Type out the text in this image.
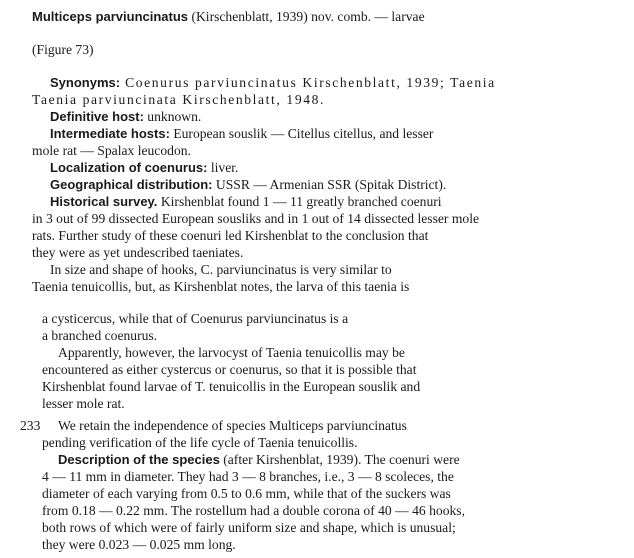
Multiceps parviuncinatus (Kirschenblatt, 1939) nov. comb. — larvae
(Figure 73)
Synonyms: Coenurus parviuncinatus Kirschenblatt, 1939; Taenia
Taenia parviuncinata Kirschenblatt, 1948.
Definitive host: unknown.
Intermediate hosts: European souslik — Citellus citellus, and lesser
mole rat — Spalax leucodon.
Localization of coenurus: liver.
Geographical distribution: USSR — Armenian SSR (Spitak District).
Historical survey. Kirshenblat found 1 — 11 greatly branched coenuri
in 3 out of 99 dissected European sousliks and in 1 out of 14 dissected lesser mole
rats. Further study of these coenuri led Kirshenblat to the conclusion that
they were as yet undescribed taeniates.
In size and shape of hooks, C. parviuncinatus is very similar to
Taenia tenuicollis, but, as Kirshenblat notes, the larva of this taenia is
a cysticercus, while that of Coenurus parviuncinatus is a
a branched coenurus.
Apparently, however, the larvocyst of Taenia tenuicollis may be
encountered as either cystercus or coenurus, so that it is possible that
Kirshenblat found larvae of T. tenuicollis in the European souslik and
lesser mole rat.
233 We retain the independence of species Multiceps parviuncinatus
pending verification of the life cycle of Taenia tenuicollis.
Description of the species (after Kirshenblat, 1939). The coenuri were
4 — 11 mm in diameter. They had 3 — 8 branches, i.e., 3 — 8 scoleces, the
diameter of each varying from 0.5 to 0.6 mm, while that of the suckers was
from 0.18 — 0.22 mm. The rostellum had a double corona of 40 — 46 hooks,
both rows of which were of fairly uniform size and shape, which is unusual;
they were 0.023 — 0.025 mm long.
